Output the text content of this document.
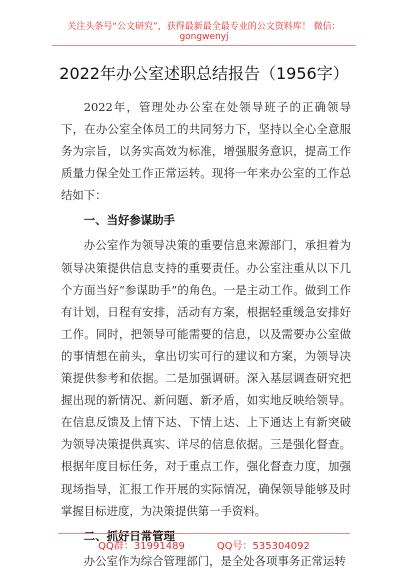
关注头条号“公文研究”，获得最新最全最专业的公文资料库！ 微信：gongwenyj
2022年办公室述职总结报告（1956字）

2022年，管理处办公室在处领导班子的正确领导下，在办公室全体员工的共同努力下，坚持以全心全意服务为宗旨，以务实高效为标准，增强服务意识，提高工作质量力保全处工作正常运转。现将一年来办公室的工作总结如下：

一、当好参谋助手

办公室作为领导决策的重要信息来源部门，承担着为领导决策提供信息支持的重要责任。办公室注重从以下几个方面当好“参谋助手”的角色。一是主动工作。做到工作有计划，日程有安排，活动有方案，根据轻重缓急安排好工作。同时，把领导可能需要的信息，以及需要办公室做的事情想在前头，拿出切实可行的建议和方案，为领导决策提供参考和依据。二是加强调研。深入基层调查研究把握出现的新情况、新问题、新矛盾，如实地反映给领导。在信息反馈及上情下达、下情上达、上下通达上有新突破为领导决策提供真实、详尽的信息依据。三是强化督查。根据年度目标任务，对于重点工作，强化督查力度，加强现场指导，汇报工作开展的实际情况，确保领导能够及时掌握目标进度，为决策提供第一手资料。

二、抓好日常管理

办公室作为综合管理部门，是全处各项事务正常运转

QQ群：31991489	QQ号：535304092
